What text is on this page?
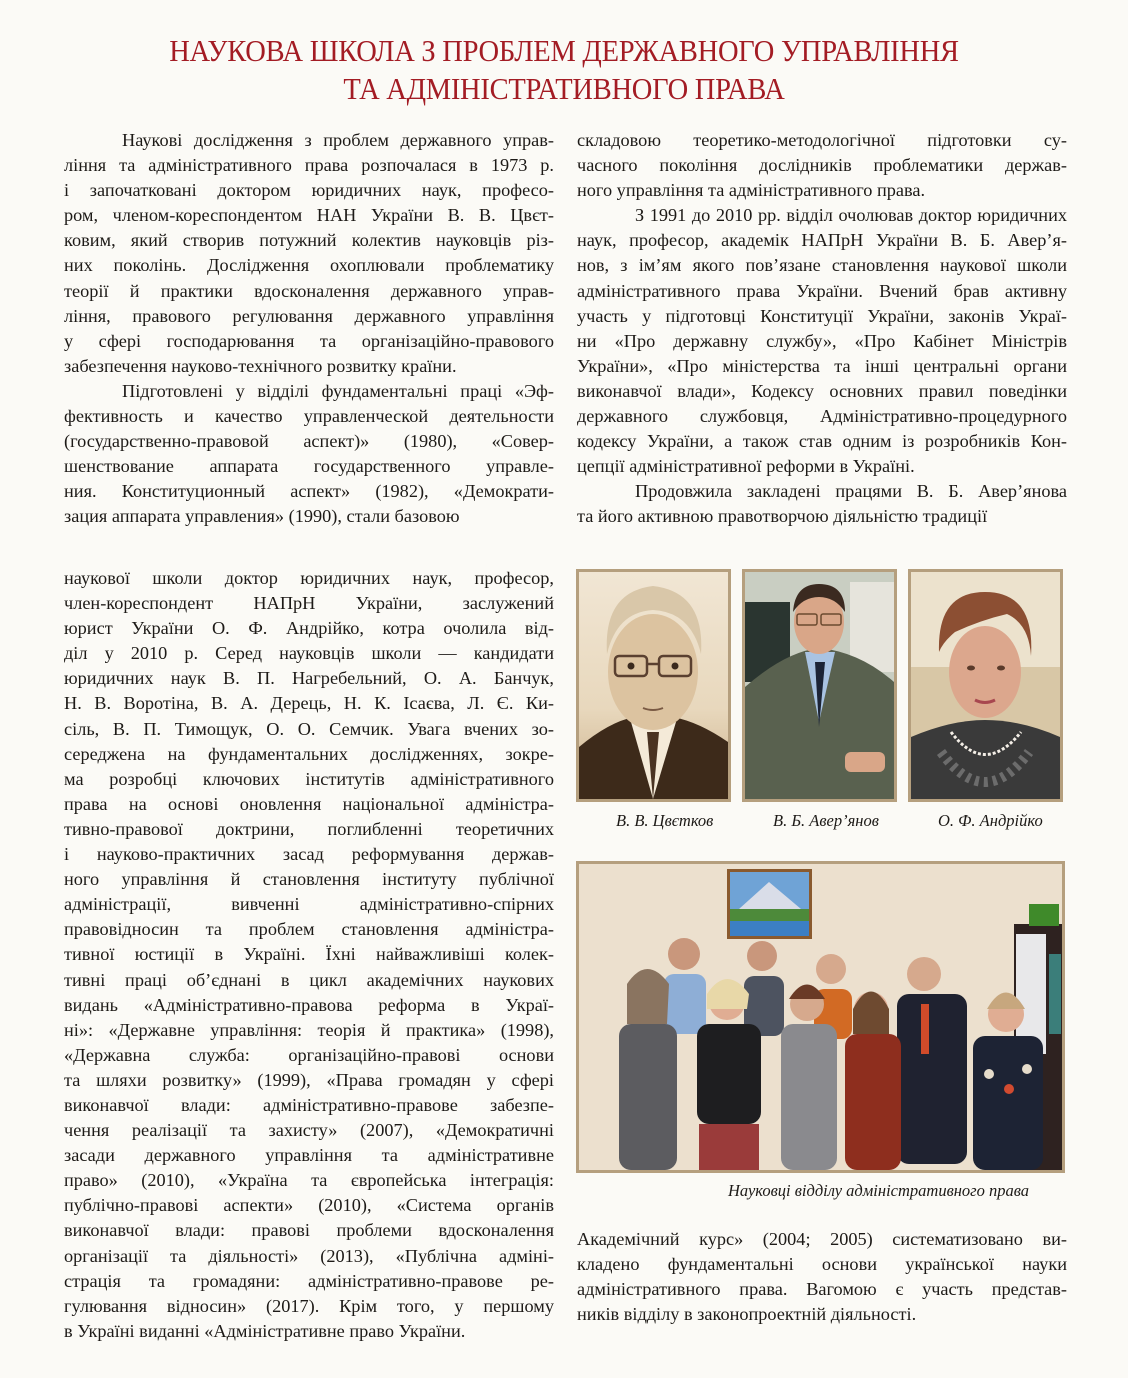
НАУКОВА ШКОЛА З ПРОБЛЕМ ДЕРЖАВНОГО УПРАВЛІННЯ
ТА АДМІНІСТРАТИВНОГО ПРАВА

Наукові дослідження з проблем державного управ-
ління та адміністративного права розпочалася в 1973 р.
і започатковані доктором юридичних наук, професо-
ром, членом-кореспондентом НАН України В. В. Цвєт-
ковим, який створив потужний колектив науковців різ-
них поколінь. Дослідження охоплювали проблематику
теорії й практики вдосконалення державного управ-
ління, правового регулювання державного управління
у сфері господарювання та організаційно-правового
забезпечення науково-технічного розвитку країни.

Підготовлені у відділі фундаментальні праці «Эф-
фективность и качество управленческой деятельности
(государственно-правовой аспект)» (1980), «Совер-
шенствование аппарата государственного управле-
ния. Конституционный аспект» (1982), «Демократи-
зация аппарата управления» (1990), стали базовою

складовою теоретико-методологічної підготовки су-
часного покоління дослідників проблематики держав-
ного управління та адміністративного права.

З 1991 до 2010 рр. відділ очолював доктор юридичних
наук, професор, академік НАПрН України В. Б. Авер’я-
нов, з ім’ям якого пов’язане становлення наукової школи
адміністративного права України. Вчений брав активну
участь у підготовці Конституції України, законів Украї-
ни «Про державну службу», «Про Кабінет Міністрів
України», «Про міністерства та інші центральні органи
виконавчої влади», Кодексу основних правил поведінки
державного службовця, Адміністративно-процедурного
кодексу України, а також став одним із розробників Кон-
цепції адміністративної реформи в Україні.

Продовжила закладені працями В. Б. Авер’янова
та його активною правотворчою діяльністю традиції

наукової школи доктор юридичних наук, професор,
член-кореспондент НАПрН України, заслужений
юрист України О. Ф. Андрійко, котра очолила від-
діл у 2010 р. Серед науковців школи — кандидати
юридичних наук В. П. Нагребельний, О. А. Банчук,
Н. В. Воротіна, В. А. Дерець, Н. К. Ісаєва, Л. Є. Ки-
сіль, В. П. Тимощук, О. О. Семчик. Увага вчених зо-
середжена на фундаментальних дослідженнях, зокре-
ма розробці ключових інститутів адміністративного
права на основі оновлення національної адміністра-
тивно-правової доктрини, поглибленні теоретичних
і науково-практичних засад реформування держав-
ного управління й становлення інституту публічної
адміністрації, вивченні адміністративно-спірних
правовідносин та проблем становлення адміністра-
тивної юстиції в Україні. Їхні найважливіші колек-
тивні праці об’єднані в цикл академічних наукових
видань «Адміністративно-правова реформа в Украї-
ні»: «Державне управління: теорія й практика» (1998),
«Державна служба: організаційно-правові основи
та шляхи розвитку» (1999), «Права громадян у сфері
виконавчої влади: адміністративно-правове забезпе-
чення реалізації та захисту» (2007), «Демократичні
засади державного управління та адміністративне
право» (2010), «Україна та європейська інтеграція:
публічно-правові аспекти» (2010), «Система органів
виконавчої влади: правові проблеми вдосконалення
організації та діяльності» (2013), «Публічна адміні-
страція та громадяни: адміністративно-правове ре-
гулювання відносин» (2017). Крім того, у першому
в Україні виданні «Адміністративне право України.

Академічний курс» (2004; 2005) систематизовано ви-
кладено фундаментальні основи української науки
адміністративного права. Вагомою є участь представ-
ників відділу в законопроектній діяльності.

В. В. Цвєтков	В. Б. Авер’янов	О. Ф. Андрійко
Науковці відділу адміністративного права
